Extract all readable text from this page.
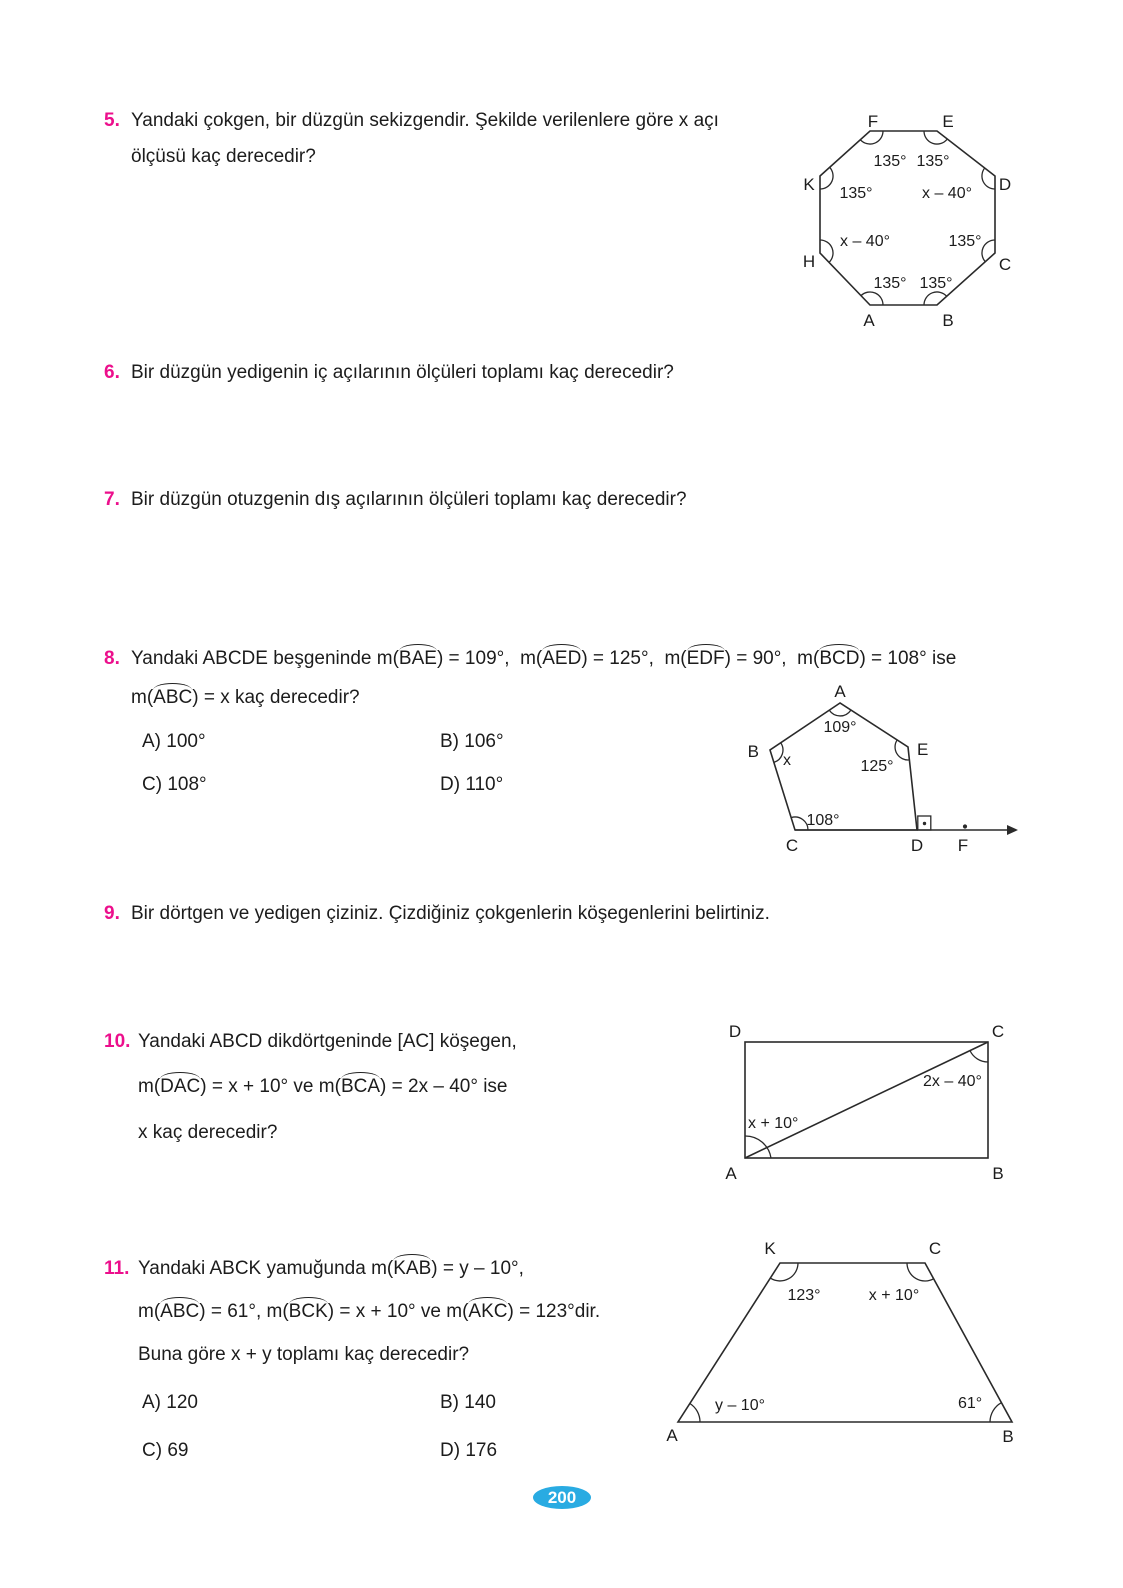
5. Yandaki çokgen, bir düzgün sekizgendir. Şekilde verilenlere göre x açı
ölçüsü kaç derecedir?
F	E
D
C
B
A
H
K
135° 135°
135°	x – 40°
x – 40°	135°
135° 135°
6. Bir düzgün yedigenin iç açılarının ölçüleri toplamı kaç derecedir?
7. Bir düzgün otuzgenin dış açılarının ölçüleri toplamı kaç derecedir?
8. Yandaki ABCDE beşgeninde m(BAE) = 109°,  m(AED) = 125°,  m(EDF) = 90°,  m(BCD) = 108° ise
m(ABC) = x kaç derecedir?
A) 100°	B) 106°
C) 108°	D) 110°
A
B	E
C	D F
109°
x	125°
108°
9. Bir dörtgen ve yedigen çiziniz. Çizdiğiniz çokgenlerin köşegenlerini belirtiniz.
10. Yandaki ABCD dikdörtgeninde [AC] köşegen,
m(DAC) = x + 10° ve m(BCA) = 2x – 40° ise
x kaç derecedir?
D	C
A	B
x + 10°
2x – 40°
11. Yandaki ABCK yamuğunda m(KAB) = y – 10°,
m(ABC) = 61°, m(BCK) = x + 10° ve m(AKC) = 123°dir.
Buna göre x + y toplamı kaç derecedir?
A) 120	B) 140
C) 69	D) 176
K	C
A	B
123°	x + 10°
y – 10°	61°
200
